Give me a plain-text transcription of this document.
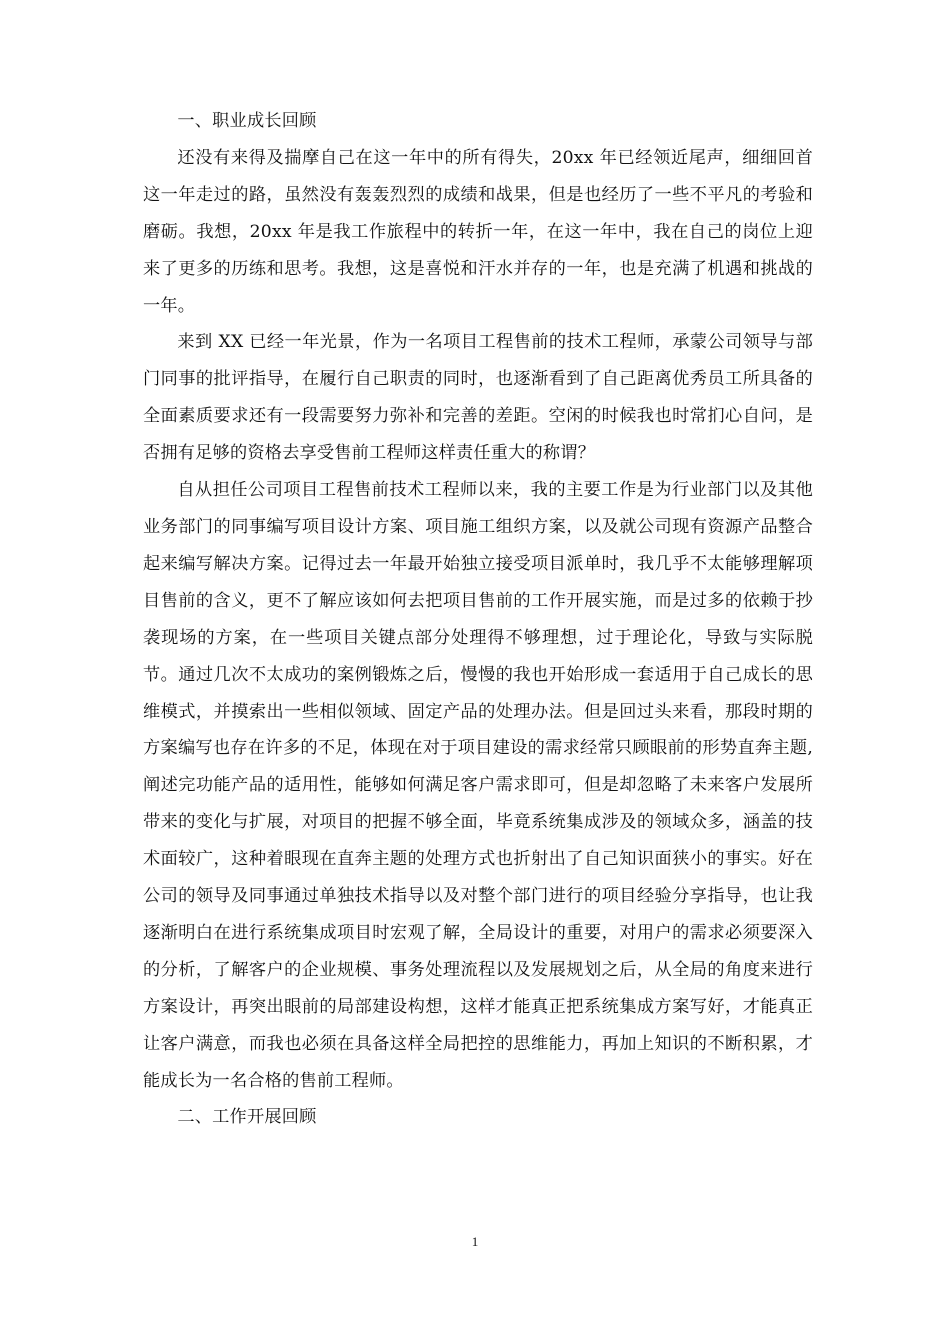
一、职业成长回顾

还没有来得及揣摩自己在这一年中的所有得失，20xx 年已经领近尾声，细细回首这一年走过的路，虽然没有轰轰烈烈的成绩和战果，但是也经历了一些不平凡的考验和磨砺。我想，20xx 年是我工作旅程中的转折一年，在这一年中，我在自己的岗位上迎来了更多的历练和思考。我想，这是喜悦和汗水并存的一年，也是充满了机遇和挑战的一年。

来到 XX 已经一年光景，作为一名项目工程售前的技术工程师，承蒙公司领导与部门同事的批评指导，在履行自己职责的同时，也逐渐看到了自己距离优秀员工所具备的全面素质要求还有一段需要努力弥补和完善的差距。空闲的时候我也时常扪心自问，是否拥有足够的资格去享受售前工程师这样责任重大的称谓？

自从担任公司项目工程售前技术工程师以来，我的主要工作是为行业部门以及其他业务部门的同事编写项目设计方案、项目施工组织方案，以及就公司现有资源产品整合起来编写解决方案。记得过去一年最开始独立接受项目派单时，我几乎不太能够理解项目售前的含义，更不了解应该如何去把项目售前的工作开展实施，而是过多的依赖于抄袭现场的方案，在一些项目关键点部分处理得不够理想，过于理论化，导致与实际脱节。通过几次不太成功的案例锻炼之后，慢慢的我也开始形成一套适用于自己成长的思维模式，并摸索出一些相似领域、固定产品的处理办法。但是回过头来看，那段时期的方案编写也存在许多的不足，体现在对于项目建设的需求经常只顾眼前的形势直奔主题,阐述完功能产品的适用性，能够如何满足客户需求即可，但是却忽略了未来客户发展所带来的变化与扩展，对项目的把握不够全面，毕竟系统集成涉及的领域众多，涵盖的技术面较广，这种着眼现在直奔主题的处理方式也折射出了自己知识面狭小的事实。好在公司的领导及同事通过单独技术指导以及对整个部门进行的项目经验分享指导，也让我逐渐明白在进行系统集成项目时宏观了解，全局设计的重要，对用户的需求必须要深入的分析，了解客户的企业规模、事务处理流程以及发展规划之后，从全局的角度来进行方案设计，再突出眼前的局部建设构想，这样才能真正把系统集成方案写好，才能真正让客户满意，而我也必须在具备这样全局把控的思维能力，再加上知识的不断积累，才能成长为一名合格的售前工程师。

二、工作开展回顾
1
